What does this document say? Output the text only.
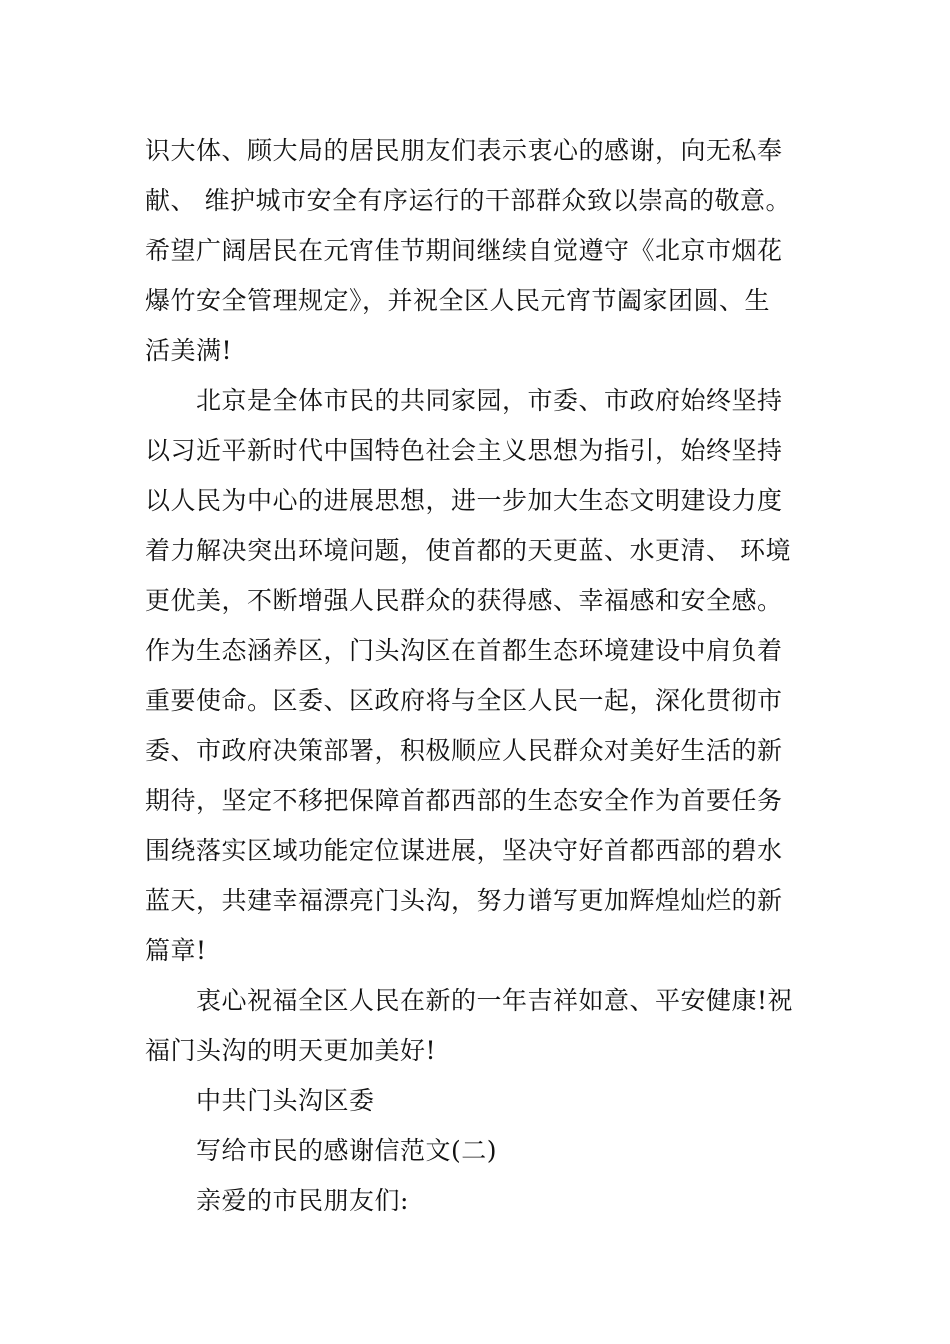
识大体、顾大局的居民朋友们表示衷心的感谢，向无私奉
献、 维护城市安全有序运行的干部群众致以崇高的敬意。
希望广阔居民在元宵佳节期间继续自觉遵守《北京市烟花
爆竹安全管理规定》，并祝全区人民元宵节阖家团圆、生
活美满!
北京是全体市民的共同家园，市委、市政府始终坚持
以习近平新时代中国特色社会主义思想为指引，始终坚持
以人民为中心的进展思想，进一步加大生态文明建设力度
着力解决突出环境问题，使首都的天更蓝、水更清、 环境
更优美，不断增强人民群众的获得感、幸福感和安全感。
作为生态涵养区，门头沟区在首都生态环境建设中肩负着
重要使命。区委、区政府将与全区人民一起，深化贯彻市
委、市政府决策部署，积极顺应人民群众对美好生活的新
期待，坚定不移把保障首都西部的生态安全作为首要任务
围绕落实区域功能定位谋进展，坚决守好首都西部的碧水
蓝天，共建幸福漂亮门头沟，努力谱写更加辉煌灿烂的新
篇章!
衷心祝福全区人民在新的一年吉祥如意、平安健康!祝
福门头沟的明天更加美好!
中共门头沟区委
写给市民的感谢信范文(二)
亲爱的市民朋友们:
